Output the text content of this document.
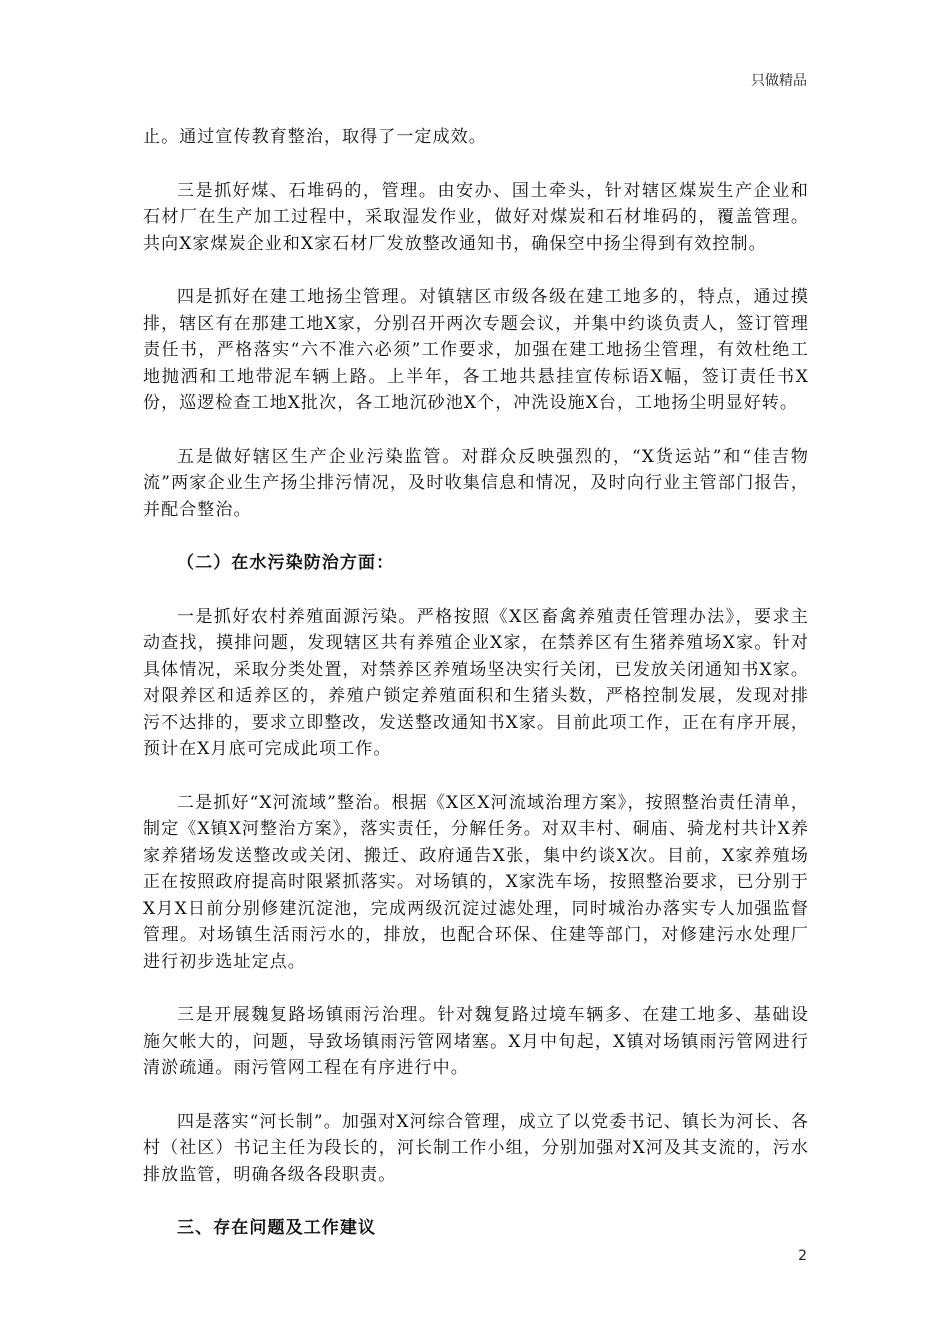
只做精品

止。通过宣传教育整治，取得了一定成效。

三是抓好煤、石堆码的，管理。由安办、国土牵头，针对辖区煤炭生产企业和石材厂在生产加工过程中，采取湿发作业，做好对煤炭和石材堆码的，覆盖管理。共向X家煤炭企业和X家石材厂发放整改通知书，确保空中扬尘得到有效控制。

四是抓好在建工地扬尘管理。对镇辖区市级各级在建工地多的，特点，通过摸排，辖区有在那建工地X家，分别召开两次专题会议，并集中约谈负责人，签订管理责任书，严格落实“六不准六必须”工作要求，加强在建工地扬尘管理，有效杜绝工地抛洒和工地带泥车辆上路。上半年，各工地共悬挂宣传标语X幅，签订责任书X份，巡逻检查工地X批次，各工地沉砂池X个，冲洗设施X台，工地扬尘明显好转。

五是做好辖区生产企业污染监管。对群众反映强烈的，“X货运站”和“佳吉物流”两家企业生产扬尘排污情况，及时收集信息和情况，及时向行业主管部门报告，并配合整治。

（二）在水污染防治方面：

一是抓好农村养殖面源污染。严格按照《X区畜禽养殖责任管理办法》，要求主动查找，摸排问题，发现辖区共有养殖企业X家，在禁养区有生猪养殖场X家。针对具体情况，采取分类处置，对禁养区养殖场坚决实行关闭，已发放关闭通知书X家。对限养区和适养区的，养殖户锁定养殖面积和生猪头数，严格控制发展，发现对排污不达排的，要求立即整改，发送整改通知书X家。目前此项工作，正在有序开展，预计在X月底可完成此项工作。

二是抓好“X河流域”整治。根据《X区X河流域治理方案》，按照整治责任清单，制定《X镇X河整治方案》，落实责任，分解任务。对双丰村、硐庙、骑龙村共计X养家养猪场发送整改或关闭、搬迁、政府通告X张，集中约谈X次。目前，X家养殖场正在按照政府提高时限紧抓落实。对场镇的，X家洗车场，按照整治要求，已分别于X月X日前分别修建沉淀池，完成两级沉淀过滤处理，同时城治办落实专人加强监督管理。对场镇生活雨污水的，排放，也配合环保、住建等部门，对修建污水处理厂进行初步选址定点。

三是开展魏复路场镇雨污治理。针对魏复路过境车辆多、在建工地多、基础设施欠帐大的，问题，导致场镇雨污管网堵塞。X月中旬起，X镇对场镇雨污管网进行清淤疏通。雨污管网工程在有序进行中。

四是落实“河长制”。加强对X河综合管理，成立了以党委书记、镇长为河长、各村（社区）书记主任为段长的，河长制工作小组，分别加强对X河及其支流的，污水排放监管，明确各级各段职责。

三、存在问题及工作建议

2
